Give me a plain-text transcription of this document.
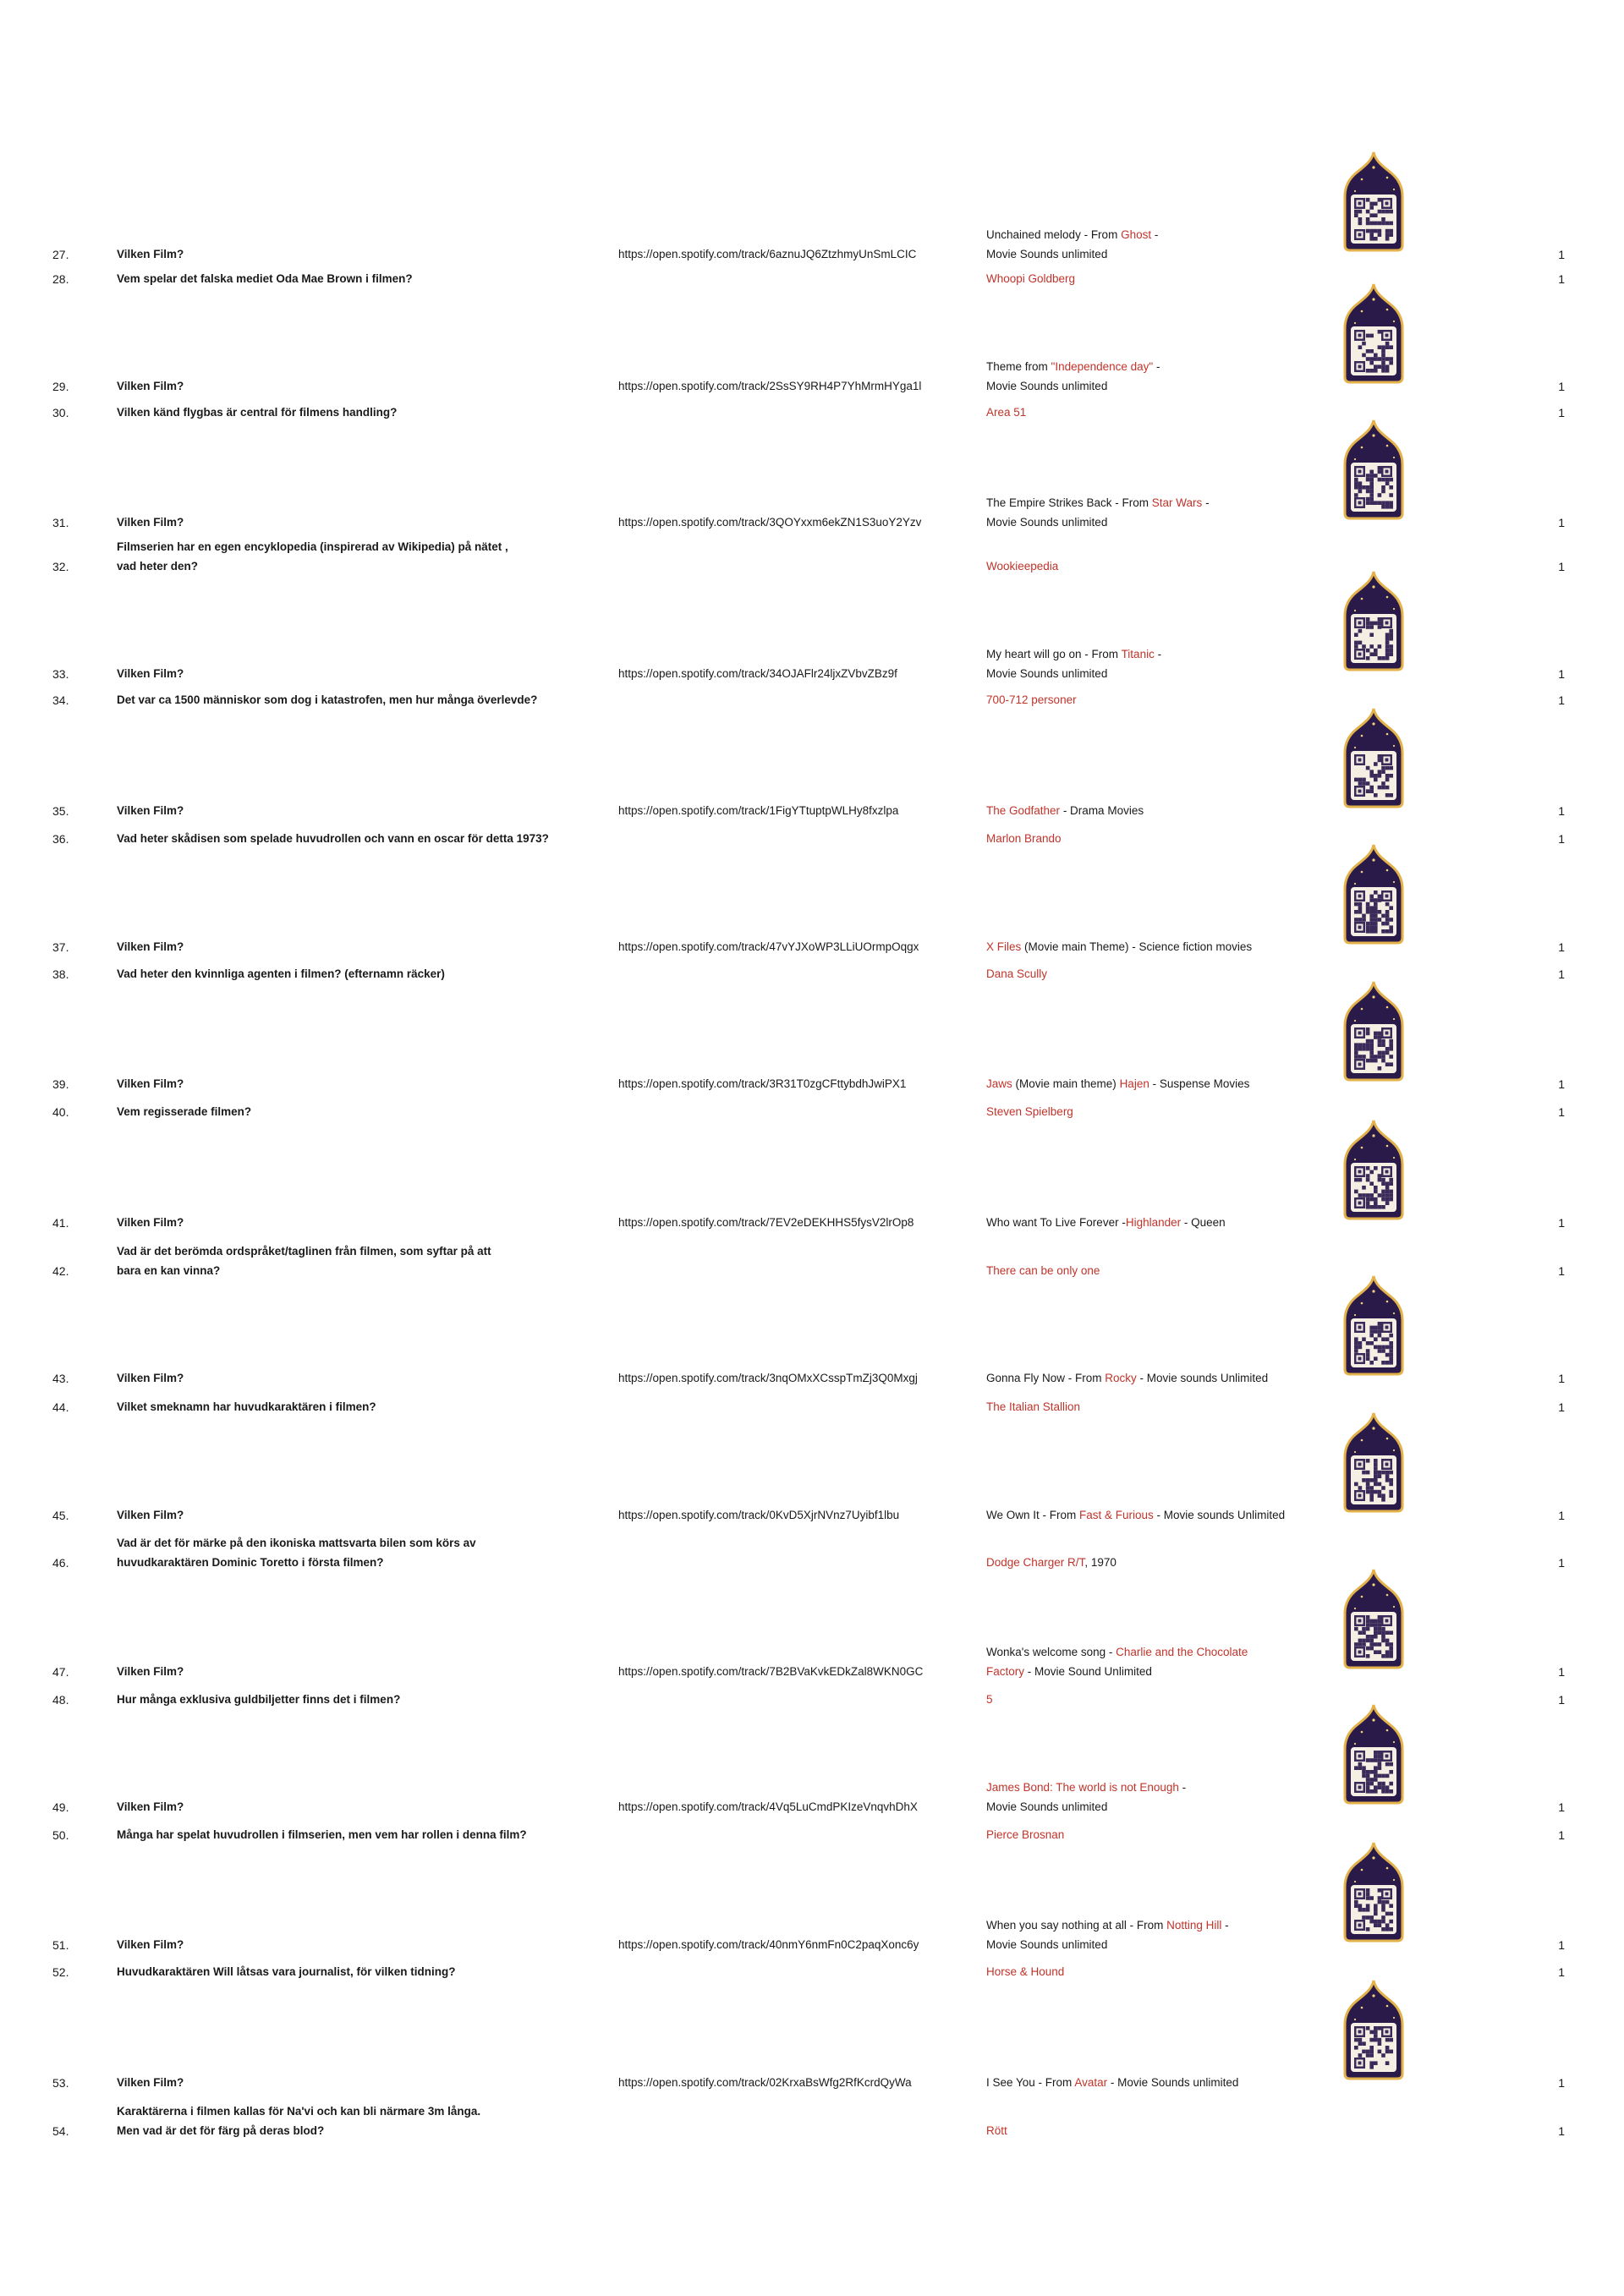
27.	Vilken Film?	https://open.spotify.com/track/6aznuJQ6ZtzhmyUnSmLCIC
Unchained melody - From Ghost -
Movie Sounds unlimited	1
28.	Vem spelar det falska mediet Oda Mae Brown i filmen?	Whoopi Goldberg	1
29.	Vilken Film?	https://open.spotify.com/track/2SsSY9RH4P7YhMrmHYga1l
Theme from "Independence day" -
Movie Sounds unlimited	1
30.	Vilken känd flygbas är central för filmens handling?	Area 51	1
31.	Vilken Film?	https://open.spotify.com/track/3QOYxxm6ekZN1S3uoY2Yzv
The Empire Strikes Back - From Star Wars -
Movie Sounds unlimited	1
32.
Filmserien har en egen encyklopedia (inspirerad av Wikipedia) på nätet ,
vad heter den?	Wookieepedia	1
33.	Vilken Film?	https://open.spotify.com/track/34OJAFlr24ljxZVbvZBz9f
My heart will go on - From Titanic -
Movie Sounds unlimited	1
34.	Det var ca 1500 människor som dog i katastrofen, men hur många överlevde?	700-712 personer	1
35.	Vilken Film?	https://open.spotify.com/track/1FigYTtuptpWLHy8fxzlpa	The Godfather - Drama Movies	1
36.	Vad heter skådisen som spelade huvudrollen och vann en oscar för detta 1973?	Marlon Brando	1
37.	Vilken Film?	https://open.spotify.com/track/47vYJXoWP3LLiUOrmpOqgx	X Files (Movie main Theme) - Science fiction movies	1
38.	Vad heter den kvinnliga agenten i filmen? (efternamn räcker)	Dana Scully	1
39.	Vilken Film?	https://open.spotify.com/track/3R31T0zgCFttybdhJwiPX1	Jaws (Movie main theme) Hajen - Suspense Movies	1
40.	Vem regisserade filmen?	Steven Spielberg	1
41.	Vilken Film?	https://open.spotify.com/track/7EV2eDEKHHS5fysV2lrOp8	Who want To Live Forever -Highlander - Queen	1
42.
Vad är det berömda ordspråket/taglinen från filmen, som syftar på att
bara en kan vinna?	There can be only one	1
43.	Vilken Film?	https://open.spotify.com/track/3nqOMxXCsspTmZj3Q0Mxgj	Gonna Fly Now - From Rocky - Movie sounds Unlimited	1
44.	Vilket smeknamn har huvudkaraktären i filmen?	The Italian Stallion	1
45.	Vilken Film?	https://open.spotify.com/track/0KvD5XjrNVnz7Uyibf1lbu	We Own It - From Fast & Furious - Movie sounds Unlimited	1
46.
Vad är det för märke på den ikoniska mattsvarta bilen som körs av
huvudkaraktären Dominic Toretto i första filmen?	Dodge Charger R/T, 1970	1
47.	Vilken Film?	https://open.spotify.com/track/7B2BVaKvkEDkZal8WKN0GC
Wonka's welcome song - Charlie and the Chocolate
Factory - Movie Sound Unlimited	1
48.	Hur många exklusiva guldbiljetter finns det i filmen?	5	1
49.	Vilken Film?	https://open.spotify.com/track/4Vq5LuCmdPKIzeVnqvhDhX
James Bond: The world is not Enough -
Movie Sounds unlimited	1
50.	Många har spelat huvudrollen i filmserien, men vem har rollen i denna film?	Pierce Brosnan	1
51.	Vilken Film?	https://open.spotify.com/track/40nmY6nmFn0C2paqXonc6y
When you say nothing at all - From Notting Hill -
Movie Sounds unlimited	1
52.	Huvudkaraktären Will låtsas vara journalist, för vilken tidning?	Horse & Hound	1
53.	Vilken Film?	https://open.spotify.com/track/02KrxaBsWfg2RfKcrdQyWa	I See You - From Avatar - Movie Sounds unlimited	1
54.
Karaktärerna i filmen kallas för Na'vi och kan bli närmare 3m långa.
Men vad är det för färg på deras blod?	Rött	1
